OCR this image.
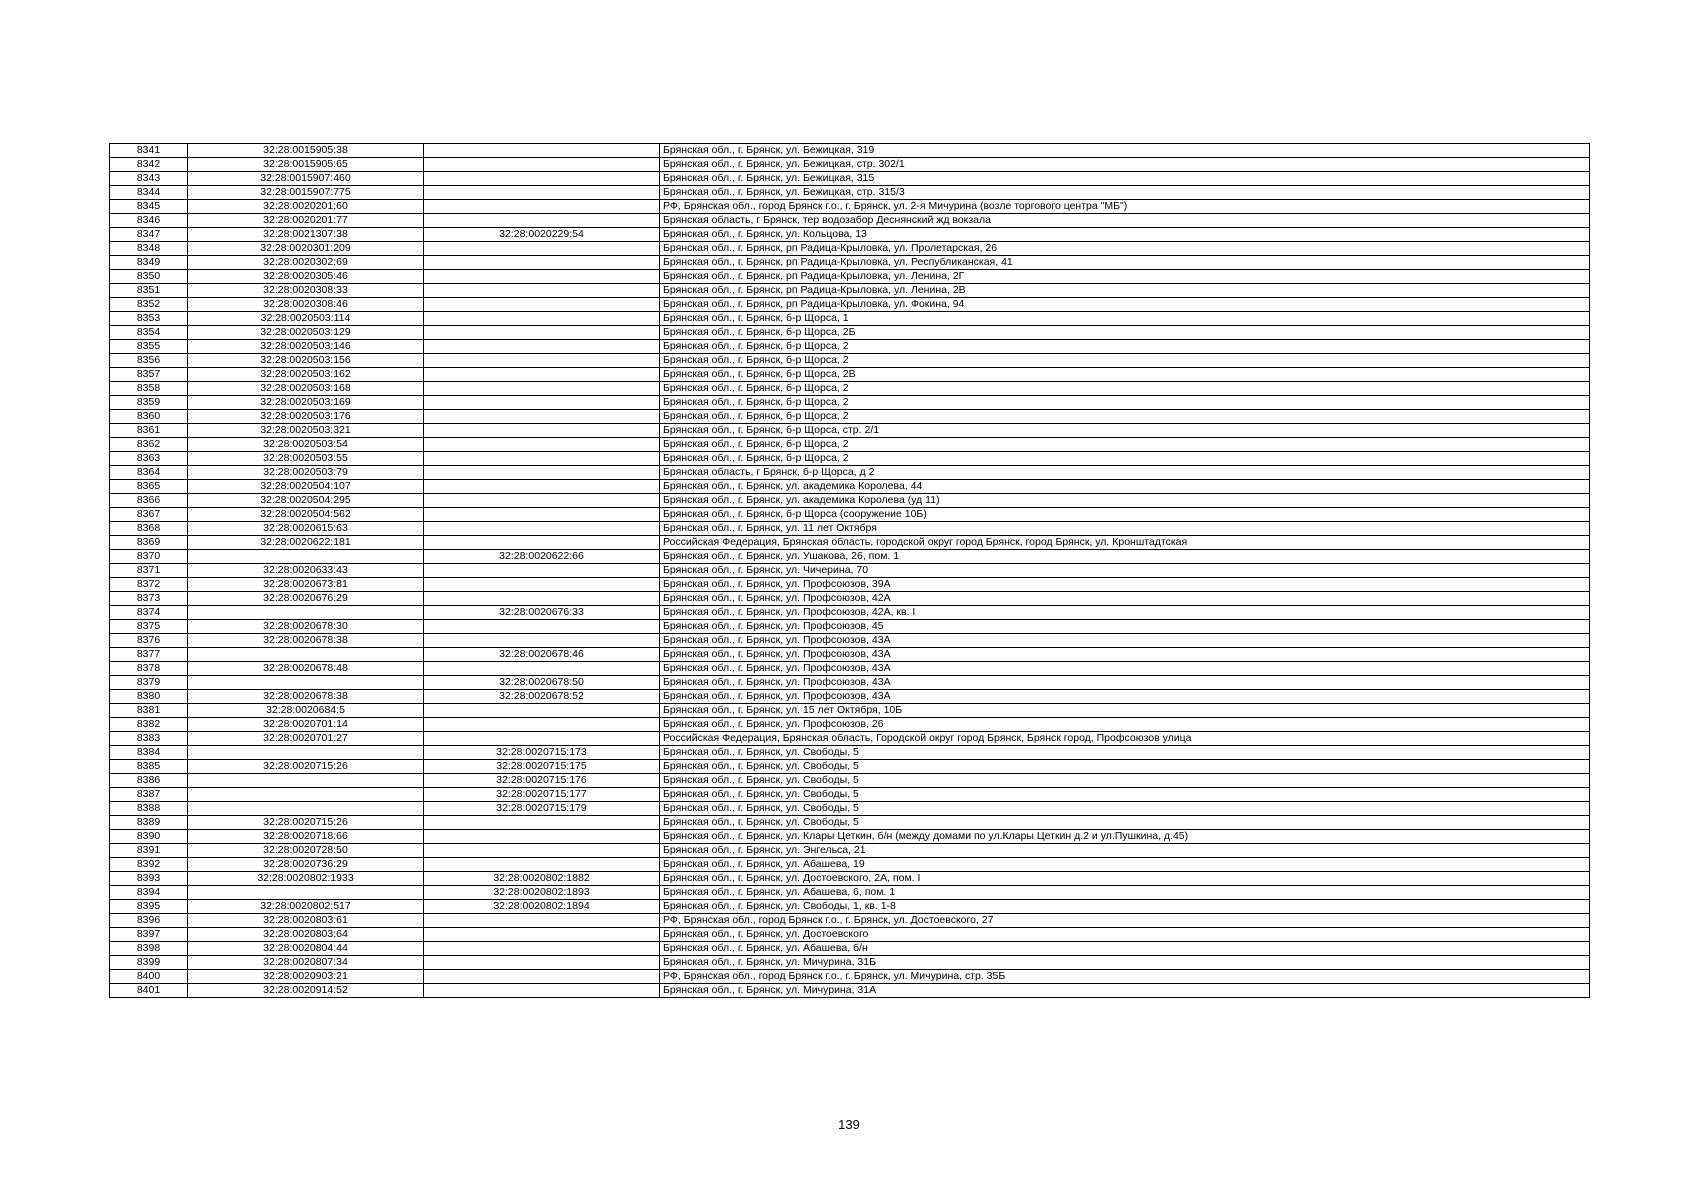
8341	32:28:0015905:38		Брянская обл., г. Брянск, ул. Бежицкая, 319
8342	32:28:0015905:65		Брянская обл., г. Брянск, ул. Бежицкая, стр. 302/1
8343	32:28:0015907:460		Брянская обл., г. Брянск, ул. Бежицкая, 315
8344	32:28:0015907:775		Брянская обл., г. Брянск, ул. Бежицкая, стр. 315/3
8345	32:28:0020201:60		РФ, Брянская обл., город Брянск г.о., г. Брянск, ул. 2-я Мичурина (возле торгового центра "МБ")
8346	32:28:0020201:77		Брянская область, г Брянск, тер водозабор Деснянский жд вокзала
8347	32:28:0021307:38	32:28:0020229:54	Брянская обл., г. Брянск, ул. Кольцова, 13
8348	32:28:0020301:209		Брянская обл., г. Брянск, рп Радица-Крыловка, ул. Пролетарская, 26
8349	32:28:0020302:69		Брянская обл., г. Брянск, рп Радица-Крыловка, ул. Республиканская, 41
8350	32:28:0020305:46		Брянская обл., г. Брянск, рп Радица-Крыловка, ул. Ленина, 2Г
8351	32:28:0020308:33		Брянская обл., г. Брянск, рп Радица-Крыловка, ул. Ленина, 2В
8352	32:28:0020308:46		Брянская обл., г. Брянск, рп Радица-Крыловка, ул. Фокина, 94
8353	32:28:0020503:114		Брянская обл., г. Брянск, б-р Щорса, 1
8354	32:28:0020503:129		Брянская обл., г. Брянск, б-р Щорса, 2Б
8355	32:28:0020503:146		Брянская обл., г. Брянск, б-р Щорса, 2
8356	32:28:0020503:156		Брянская обл., г. Брянск, б-р Щорса, 2
8357	32:28:0020503:162		Брянская обл., г. Брянск, б-р Щорса, 2В
8358	32:28:0020503:168		Брянская обл., г. Брянск, б-р Щорса, 2
8359	32:28:0020503:169		Брянская обл., г. Брянск, б-р Щорса, 2
8360	32:28:0020503:176		Брянская обл., г. Брянск, б-р Щорса, 2
8361	32:28:0020503:321		Брянская обл., г. Брянск, б-р Щорса, стр. 2/1
8362	32:28:0020503:54		Брянская обл., г. Брянск, б-р Щорса, 2
8363	32:28:0020503:55		Брянская обл., г. Брянск, б-р Щорса, 2
8364	32:28:0020503:79		Брянская область, г Брянск, б-р Щорса, д 2
8365	32:28:0020504:107		Брянская обл., г. Брянск, ул. академика Королева, 44
8366	32:28:0020504:295		Брянская обл., г. Брянск, ул. академика Королева (уд 11)
8367	32:28:0020504:562		Брянская обл., г. Брянск, б-р Щорса (сооружение 10Б)
8368	32:28:0020615:63		Брянская обл., г. Брянск, ул. 11 лет Октября
8369	32:28:0020622:181		Российская Федерация, Брянская область, городской округ город Брянск, город Брянск, ул. Кронштадтская
8370		32:28:0020622:66	Брянская обл., г. Брянск, ул. Ушакова, 26, пом. 1
8371	32:28:0020633:43		Брянская обл., г. Брянск, ул. Чичерина, 70
8372	32:28:0020673:81		Брянская обл., г. Брянск, ул. Профсоюзов, 39А
8373	32:28:0020676:29		Брянская обл., г. Брянск, ул. Профсоюзов, 42А
8374		32:28:0020676:33	Брянская обл., г. Брянск, ул. Профсоюзов, 42А, кв. I
8375	32:28:0020678:30		Брянская обл., г. Брянск, ул. Профсоюзов, 45
8376	32:28:0020678:38		Брянская обл., г. Брянск, ул. Профсоюзов, 43А
8377		32:28:0020678:46	Брянская обл., г. Брянск, ул. Профсоюзов, 43А
8378	32:28:0020678:48		Брянская обл., г. Брянск, ул. Профсоюзов, 43А
8379		32:28:0020678:50	Брянская обл., г. Брянск, ул. Профсоюзов, 43А
8380	32:28:0020678:38	32:28:0020678:52	Брянская обл., г. Брянск, ул. Профсоюзов, 43А
8381	32:28:0020684:5		Брянская обл., г. Брянск, ул. 15 лет Октября, 10Б
8382	32:28:0020701:14		Брянская обл., г. Брянск, ул. Профсоюзов, 26
8383	32:28:0020701:27		Российская Федерация, Брянская область, Городской округ город Брянск, Брянск город, Профсоюзов улица
8384		32:28:0020715:173	Брянская обл., г. Брянск, ул. Свободы, 5
8385	32:28:0020715:26	32:28:0020715:175	Брянская обл., г. Брянск, ул. Свободы, 5
8386		32:28:0020715:176	Брянская обл., г. Брянск, ул. Свободы, 5
8387		32:28:0020715:177	Брянская обл., г. Брянск, ул. Свободы, 5
8388		32:28:0020715:179	Брянская обл., г. Брянск, ул. Свободы, 5
8389	32:28:0020715:26		Брянская обл., г. Брянск, ул. Свободы, 5
8390	32:28:0020718:66		Брянская обл., г. Брянск, ул. Клары Цеткин, б/н (между домами по ул.Клары Цеткин д.2 и ул.Пушкина, д.45)
8391	32:28:0020728:50		Брянская обл., г. Брянск, ул. Энгельса, 21
8392	32:28:0020736:29		Брянская обл., г. Брянск, ул. Абашева, 19
8393	32:28:0020802:1933	32:28:0020802:1882	Брянская обл., г. Брянск, ул. Достоевского, 2А, пом. I
8394		32:28:0020802:1893	Брянская обл., г. Брянск, ул. Абашева, 6, пом. 1
8395	32:28:0020802:517	32:28:0020802:1894	Брянская обл., г. Брянск, ул. Свободы, 1, кв. 1-8
8396	32:28:0020803:61		РФ, Брянская обл., город Брянск г.о., г. Брянск, ул. Достоевского, 27
8397	32:28:0020803:64		Брянская обл., г. Брянск, ул. Достоевского
8398	32:28:0020804:44		Брянская обл., г. Брянск, ул. Абашева, б/н
8399	32:28:0020807:34		Брянская обл., г. Брянск, ул. Мичурина, 31Б
8400	32:28:0020903:21		РФ, Брянская обл., город Брянск г.о., г. Брянск, ул. Мичурина, стр. 35Б
8401	32:28:0020914:52		Брянская обл., г. Брянск, ул. Мичурина, 31А
139
